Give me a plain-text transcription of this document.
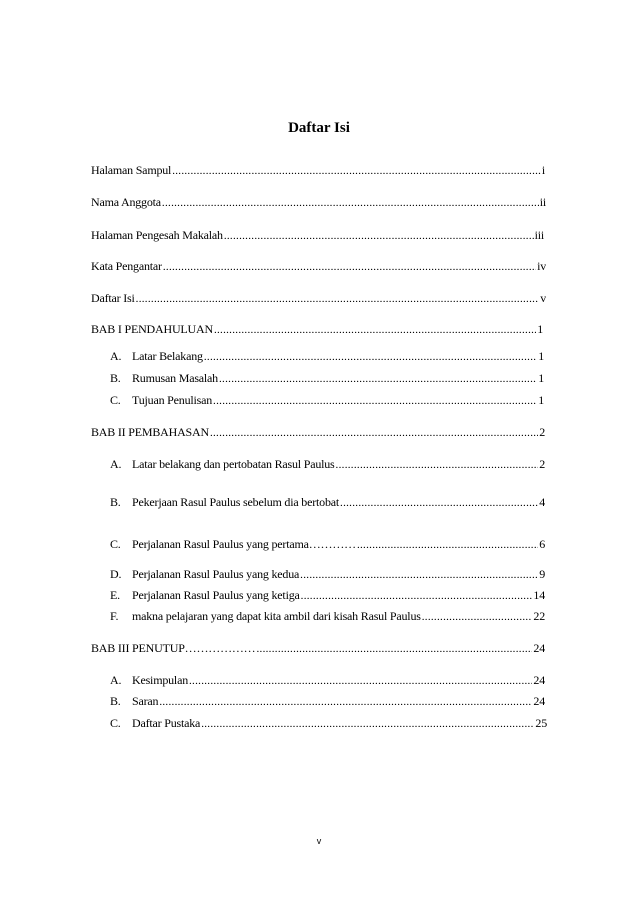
Daftar Isi
Halaman Sampul .....	i
Nama Anggota .....	ii
Halaman Pengesah Makalah .....	iii
Kata Pengantar .....	iv
Daftar Isi .....	v
BAB I PENDAHULUAN .....	1
A. Latar Belakang .....	1
B. Rumusan Masalah .....	1
C. Tujuan Penulisan .....	1
BAB II PEMBAHASAN .....	2
A. Latar belakang dan pertobatan Rasul Paulus .....	2
B. Pekerjaan Rasul Paulus sebelum dia bertobat .....	4
C. Perjalanan Rasul Paulus yang pertama………… .....	6
D. Perjalanan Rasul Paulus yang kedua .....	9
E.	Perjalanan Rasul Paulus yang ketiga .....	14
F.	makna pelajaran yang dapat kita ambil dari kisah Rasul Paulus .....	22
BAB III PENUTUP……………… .....	24
A. Kesimpulan .....	24
B. Saran .....	24
C. Daftar Pustaka .....	25
v
